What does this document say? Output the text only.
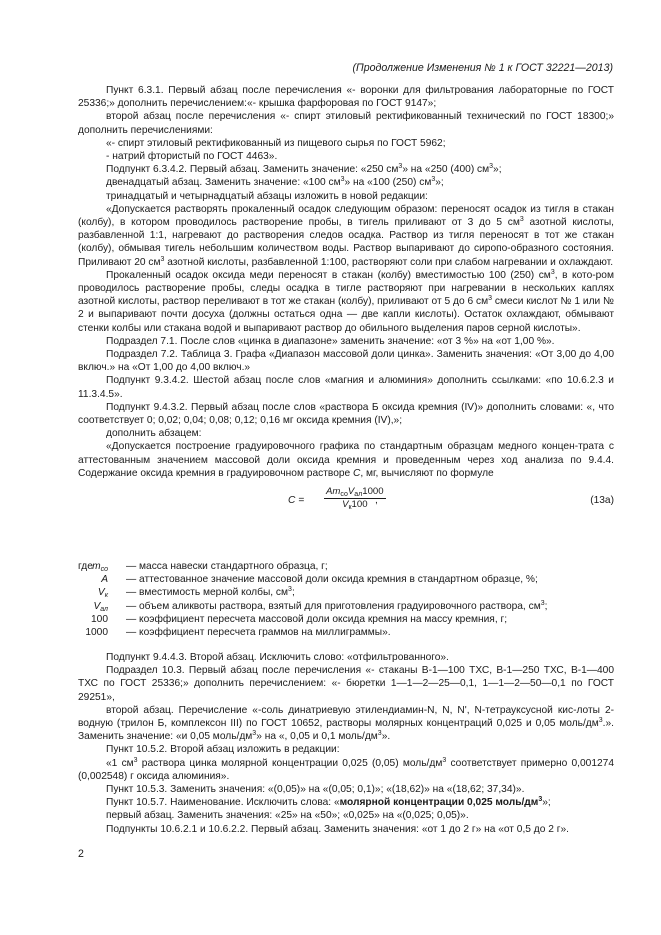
(Продолжение Изменения № 1 к ГОСТ 32221—2013)

Пункт 6.3.1. Первый абзац после перечисления «- воронки для фильтрования лабораторные по ГОСТ 25336;» дополнить перечислением:«- крышка фарфоровая по ГОСТ 9147»;

второй абзац после перечисления «- спирт этиловый ректификованный технический по ГОСТ 18300;» дополнить перечислениями:

«- спирт этиловый ректификованный из пищевого сырья по ГОСТ 5962;

- натрий фтористый по ГОСТ 4463».

Подпункт 6.3.4.2. Первый абзац. Заменить значение: «250 $см^3$» на «250 (400) $см^3$»;

двенадцатый абзац. Заменить значение: «100 $см^3$» на «100 (250) $см^3$»;

тринадцатый и четырнадцатый абзацы изложить в новой редакции:

«Допускается растворять прокаленный осадок следующим образом: переносят осадок из тигля в стакан (колбу), в котором проводилось растворение пробы, в тигель приливают от 3 до 5 $см^3$ азотной кислоты, разбавленной 1:1, нагревают до растворения следов осадка. Раствор из тигля переносят в тот же стакан (колбу), обмывая тигель небольшим количеством воды. Раствор выпаривают до сиропо-образного состояния. Приливают 20 $см^3$ азотной кислоты, разбавленной 1:100, растворяют соли при слабом нагревании и охлаждают.

Прокаленный осадок оксида меди переносят в стакан (колбу) вместимостью 100 (250) $см^3$, в кото-ром проводилось растворение пробы, следы осадка в тигле растворяют при нагревании в нескольких каплях азотной кислоты, раствор переливают в тот же стакан (колбу), приливают от 5 до 6 $см^3$ смеси кислот № 1 или № 2 и выпаривают почти досуха (должны остаться одна — две капли кислоты). Остаток охлаждают, обмывают стенки колбы или стакана водой и выпаривают раствор до обильного выделения паров серной кислоты».

Подраздел 7.1. После слов «цинка в диапазоне» заменить значение: «от 3 %» на «от 1,00 %».

Подраздел 7.2. Таблица 3. Графа «Диапазон массовой доли цинка». Заменить значения: «От 3,00 до 4,00 включ.» на «От 1,00 до 4,00 включ.»

Подпункт 9.3.4.2. Шестой абзац после слов «магния и алюминия» дополнить ссылками: «по 10.6.2.3 и 11.3.4.5».

Подпункт 9.4.3.2. Первый абзац после слов «раствора Б оксида кремния (IV)» дополнить словами: «, что соответствует 0; 0,02; 0,04; 0,08; 0,12; 0,16 мг оксида кремния (IV),»;

дополнить абзацем:

«Допускается построение градуировочного графика по стандартным образцам медного концен-трата с аттестованным значением массовой доли оксида кремния и проведенным через ход анализа по 9.4.4. Содержание оксида кремния в градуировочном растворе C, мг, вычисляют по формуле

C =
$Am_{со}V_{ал}1000$
$V_к100$ ,	(13а)
где $m_{со}$ — масса навески стандартного образца, г;
A — аттестованное значение массовой доли оксида кремния в стандартном образце, %;
$V_к$ — вместимость мерной колбы, $см^3$;
$V_{ал}$ — объем аликвоты раствора, взятый для приготовления градуировочного раствора, $см^3$;
100 — коэффициент пересчета массовой доли оксида кремния на массу кремния, г;
1000 — коэффициент пересчета граммов на миллиграммы».

Подпункт 9.4.4.3. Второй абзац. Исключить слово: «отфильтрованного».

Подраздел 10.3. Первый абзац после перечисления «- стаканы В-1—100 ТХС, В-1—250 ТХС, В-1—400 ТХС по ГОСТ 25336;» дополнить перечислением: «- бюретки 1—1—2—25—0,1, 1—1—2—50—0,1 по ГОСТ 29251»,

второй абзац. Перечисление «-соль динатриевую этилендиамин-N, N, N', N-тетрауксусной кис-лоты 2-водную (трилон Б, комплексон III) по ГОСТ 10652, растворы молярных концентраций 0,025 и 0,05 моль/$дм^3$.». Заменить значение: «и 0,05 моль/$дм^3$» на «, 0,05 и 0,1 моль/$дм^3$».

Пункт 10.5.2. Второй абзац изложить в редакции:

«1 $см^3$ раствора цинка молярной концентрации 0,025 (0,05) моль/$дм^3$ соответствует примерно 0,001274 (0,002548) г оксида алюминия».

Пункт 10.5.3. Заменить значения: «(0,05)» на «(0,05; 0,1)»; «(18,62)» на «(18,62; 37,34)».

Пункт 10.5.7. Наименование. Исключить слова: «молярной концентрации 0,025 моль/$дм^3$»;

первый абзац. Заменить значения: «25» на «50»; «0,025» на «(0,025; 0,05)».

Подпункты 10.6.2.1 и 10.6.2.2. Первый абзац. Заменить значения: «от 1 до 2 г» на «от 0,5 до 2 г».

2
